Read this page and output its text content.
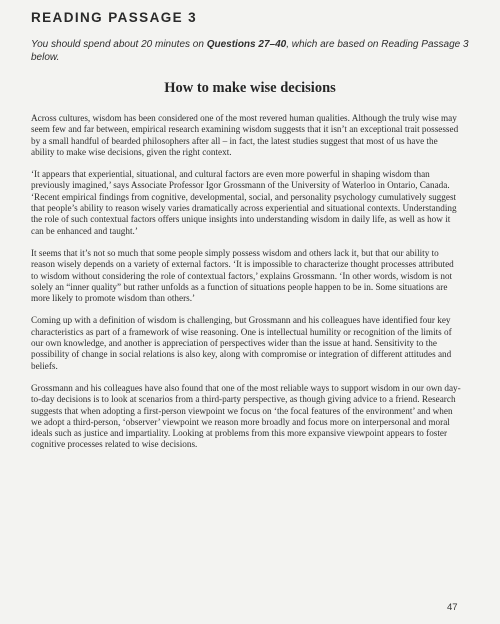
READING PASSAGE 3
You should spend about 20 minutes on Questions 27–40, which are based on Reading Passage 3 below.
How to make wise decisions

Across cultures, wisdom has been considered one of the most revered human qualities. Although the truly wise may seem few and far between, empirical research examining wisdom suggests that it isn’t an exceptional trait possessed by a small handful of bearded philosophers after all – in fact, the latest studies suggest that most of us have the ability to make wise decisions, given the right context.

‘It appears that experiential, situational, and cultural factors are even more powerful in shaping wisdom than previously imagined,’ says Associate Professor Igor Grossmann of the University of Waterloo in Ontario, Canada. ‘Recent empirical findings from cognitive, developmental, social, and personality psychology cumulatively suggest that people’s ability to reason wisely varies dramatically across experiential and situational contexts. Understanding the role of such contextual factors offers unique insights into understanding wisdom in daily life, as well as how it can be enhanced and taught.’

It seems that it’s not so much that some people simply possess wisdom and others lack it, but that our ability to reason wisely depends on a variety of external factors. ‘It is impossible to characterize thought processes attributed to wisdom without considering the role of contextual factors,’ explains Grossmann. ‘In other words, wisdom is not solely an “inner quality” but rather unfolds as a function of situations people happen to be in. Some situations are more likely to promote wisdom than others.’

Coming up with a definition of wisdom is challenging, but Grossmann and his colleagues have identified four key characteristics as part of a framework of wise reasoning. One is intellectual humility or recognition of the limits of our own knowledge, and another is appreciation of perspectives wider than the issue at hand. Sensitivity to the possibility of change in social relations is also key, along with compromise or integration of different attitudes and beliefs.

Grossmann and his colleagues have also found that one of the most reliable ways to support wisdom in our own day-to-day decisions is to look at scenarios from a third-party perspective, as though giving advice to a friend. Research suggests that when adopting a first-person viewpoint we focus on ‘the focal features of the environment’ and when we adopt a third-person, ‘observer’ viewpoint we reason more broadly and focus more on interpersonal and moral ideals such as justice and impartiality. Looking at problems from this more expansive viewpoint appears to foster cognitive processes related to wise decisions.

47
